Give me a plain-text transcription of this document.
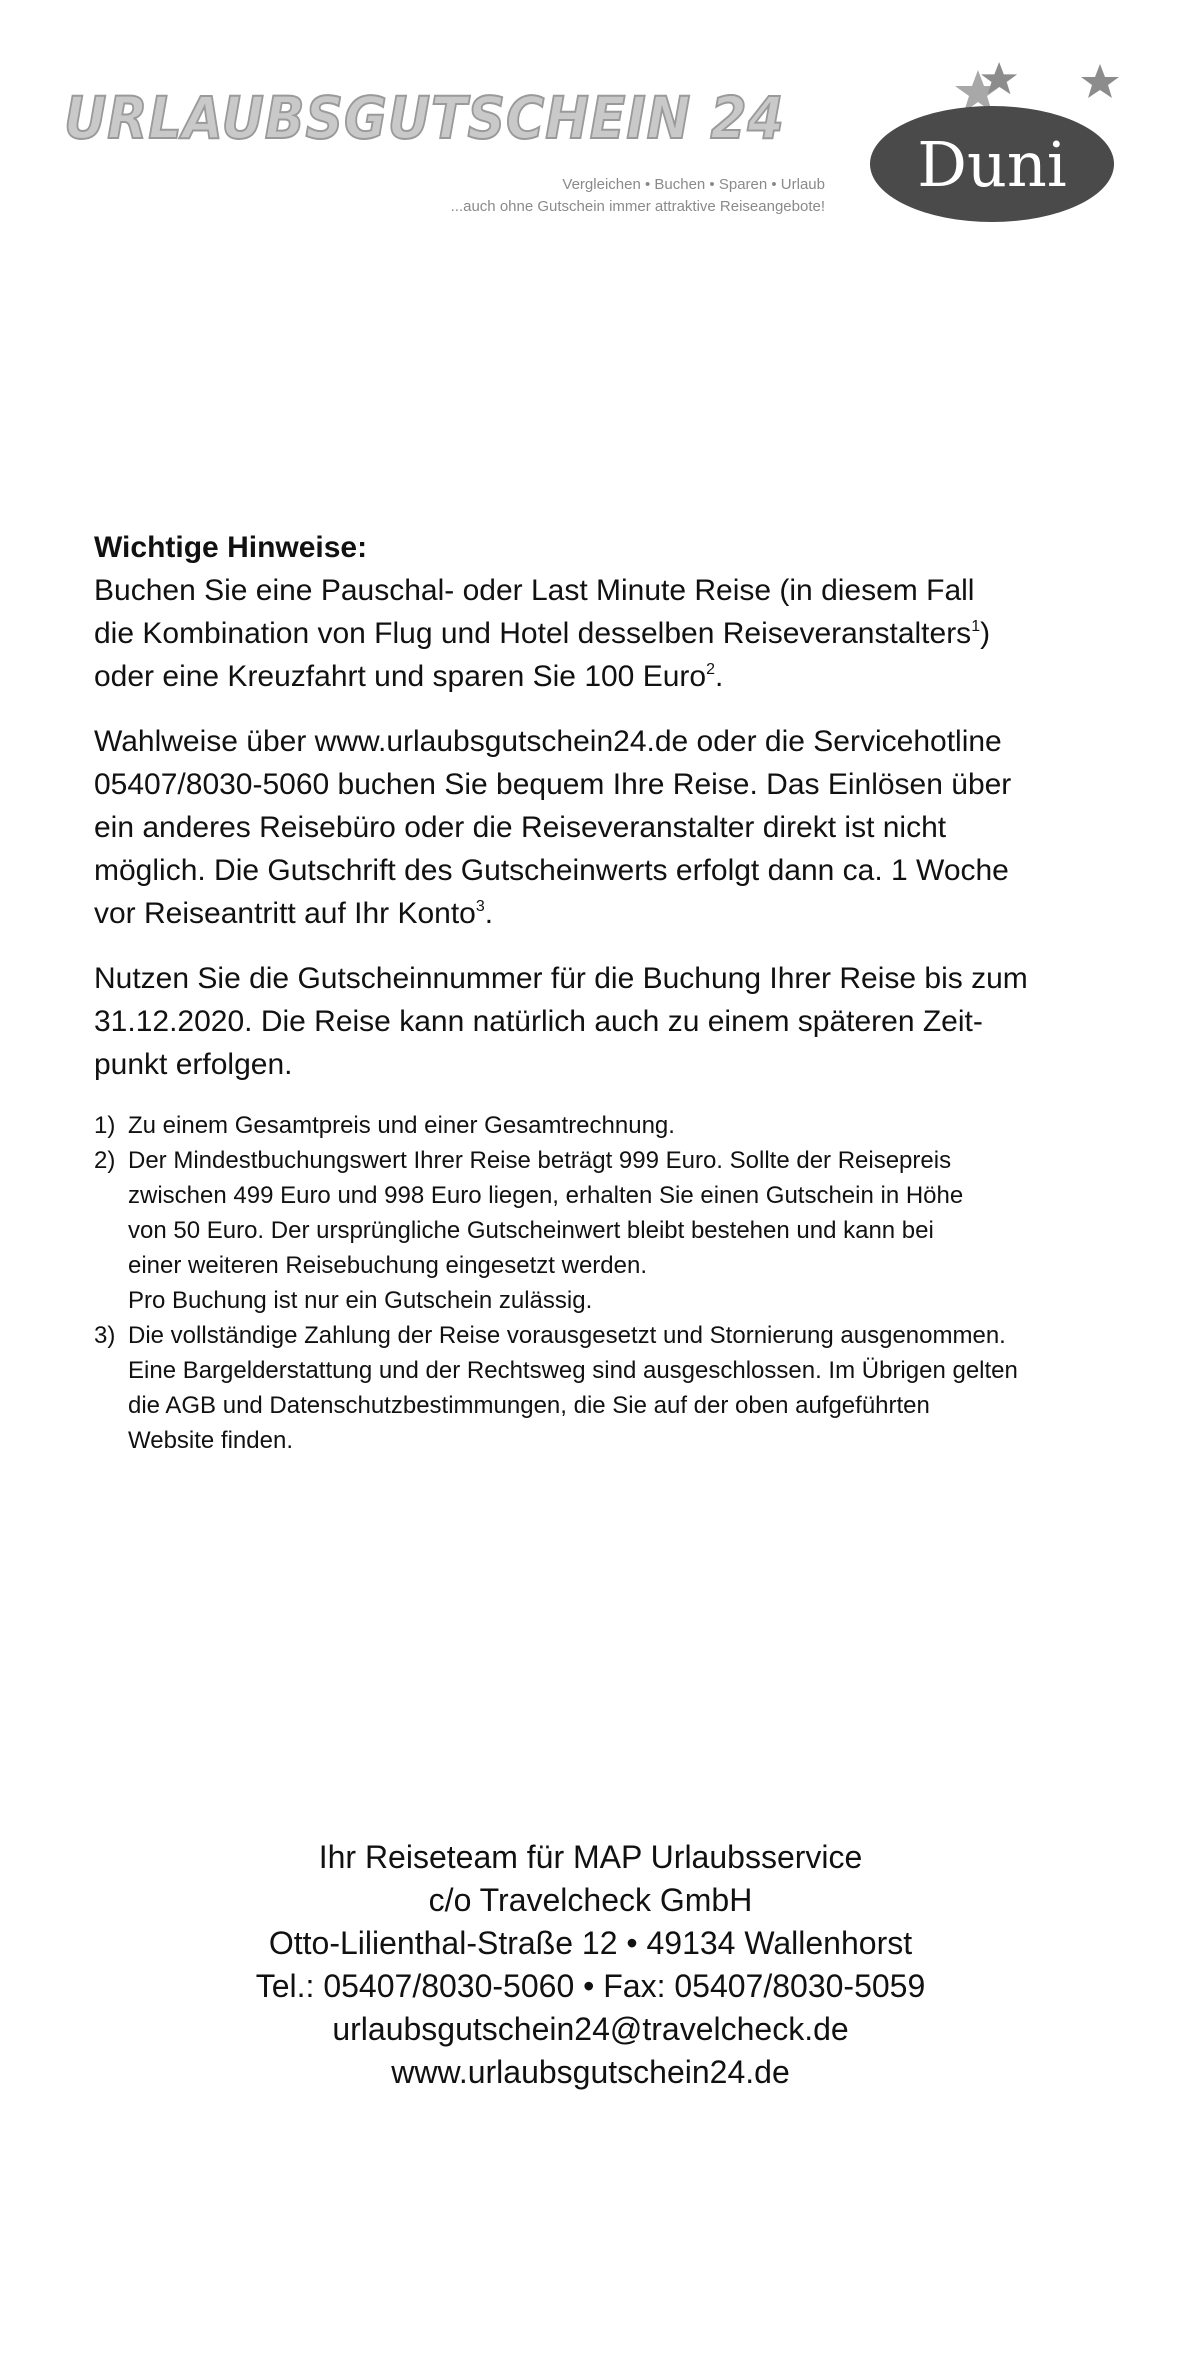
URLAUBSGUTSCHEIN 24
Vergleichen • Buchen • Sparen • Urlaub
...auch ohne Gutschein immer attraktive Reiseangebote!
Duni
Wichtige Hinweise:
Buchen Sie eine Pauschal- oder Last Minute Reise (in diesem Fall
die Kombination von Flug und Hotel desselben Reiseveranstalters$^1$)
oder eine Kreuzfahrt und sparen Sie 100 Euro$^2$.
Wahlweise über www.urlaubsgutschein24.de oder die Servicehotline
05407/8030-5060 buchen Sie bequem Ihre Reise. Das Einlösen über
ein anderes Reisebüro oder die Reiseveranstalter direkt ist nicht
möglich. Die Gutschrift des Gutscheinwerts erfolgt dann ca. 1 Woche
vor Reiseantritt auf Ihr Konto$^3$.
Nutzen Sie die Gutscheinnummer für die Buchung Ihrer Reise bis zum
31.12.2020. Die Reise kann natürlich auch zu einem späteren Zeit-
punkt erfolgen.
1) Zu einem Gesamtpreis und einer Gesamtrechnung.
2) Der Mindestbuchungswert Ihrer Reise beträgt 999 Euro. Sollte der Reisepreis
zwischen 499 Euro und 998 Euro liegen, erhalten Sie einen Gutschein in Höhe
von 50 Euro. Der ursprüngliche Gutscheinwert bleibt bestehen und kann bei
einer weiteren Reisebuchung eingesetzt werden.
Pro Buchung ist nur ein Gutschein zulässig.
3) Die vollständige Zahlung der Reise vorausgesetzt und Stornierung ausgenommen.
Eine Bargelderstattung und der Rechtsweg sind ausgeschlossen. Im Übrigen gelten
die AGB und Datenschutzbestimmungen, die Sie auf der oben aufgeführten
Website finden.
Ihr Reiseteam für MAP Urlaubsservice
c/o Travelcheck GmbH
Otto-Lilienthal-Straße 12 • 49134 Wallenhorst
Tel.: 05407/8030-5060 • Fax: 05407/8030-5059
urlaubsgutschein24@travelcheck.de
www.urlaubsgutschein24.de
